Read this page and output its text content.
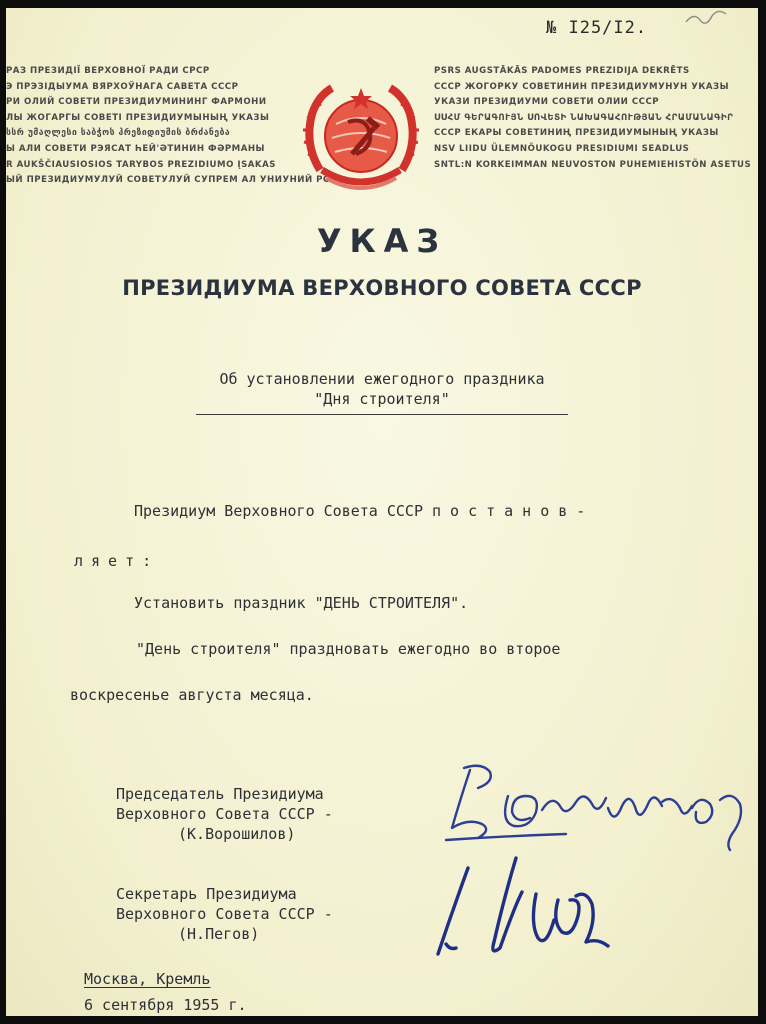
№ I25/I2.
РАЗ ПРЕЗИДIЇ ВЕРХОВНОЇ РАДИ СРСР
Э ПРЭЗІДЫУМА ВЯРХОЎНАГА САВЕТА СССР
РИ ОЛИЙ СОВЕТИ ПРЕЗИДИУМИНИНГ ФАРМОНИ
ЛЫ ЖОГАРГЫ СОВЕТІ ПРЕЗИДИУМЫНЫҢ УКАЗЫ
სსრ უმაღლესი საბჭოს პრეზიდიუმის ბრძანება
Ы АЛИ СОВЕТИ РЭЯСАТ ҺЕЙ'ӘТИНИН ФӘРМАНЫ
R AUKŠČIAUSIOSIOS TARYBOS PREZIDIUMO ĮSAKAS
ЫЙ ПРЕЗИДИУМУЛУЙ СОВЕТУЛУЙ СУПРЕМ АЛ УНИУНИЙ РСС
PSRS AUGSTĀKĀS PADOMES PREZIDIJA DEKRĒTS
СССР ЖОГОРКУ СОВЕТИНИН ПРЕЗИДИУМУНУН УКАЗЫ
УКАЗИ ПРЕЗИДИУМИ СОВЕТИ ОЛИИ СССР
ՍՍՀՄ ԳԵՐԱԳՈՒՅՆ ՍՈՎԵՏԻ ՆԱԽԱԳԱՀՈՒԹՅԱՆ ՀՐԱՄԱՆԱԳԻՐ
СССР ЕКАРЫ СОВЕТИНИҢ ПРЕЗИДИУМЫНЫҢ УКАЗЫ
NSV LIIDU ÜLEMNÕUKOGU PRESIDIUMI SEADLUS
SNTL:N KORKEIMMAN NEUVOSTON PUHEMIEHISTÖN ASETUS
УКАЗ
ПРЕЗИДИУМА ВЕРХОВНОГО СОВЕТА СССР
Об установлении ежегодного праздника
"Дня строителя"
Президиум Верховного Совета СССР постанов-
ляет:
Установить праздник "ДЕНЬ СТРОИТЕЛЯ".
"День строителя" праздновать ежегодно во второе
воскресенье августа месяца.
Председатель Президиума
Верховного Совета СССР -
(К.Ворошилов)
Секретарь Президиума
Верховного Совета СССР -
(Н.Пегов)
Москва, Кремль
6 сентября 1955 г.
